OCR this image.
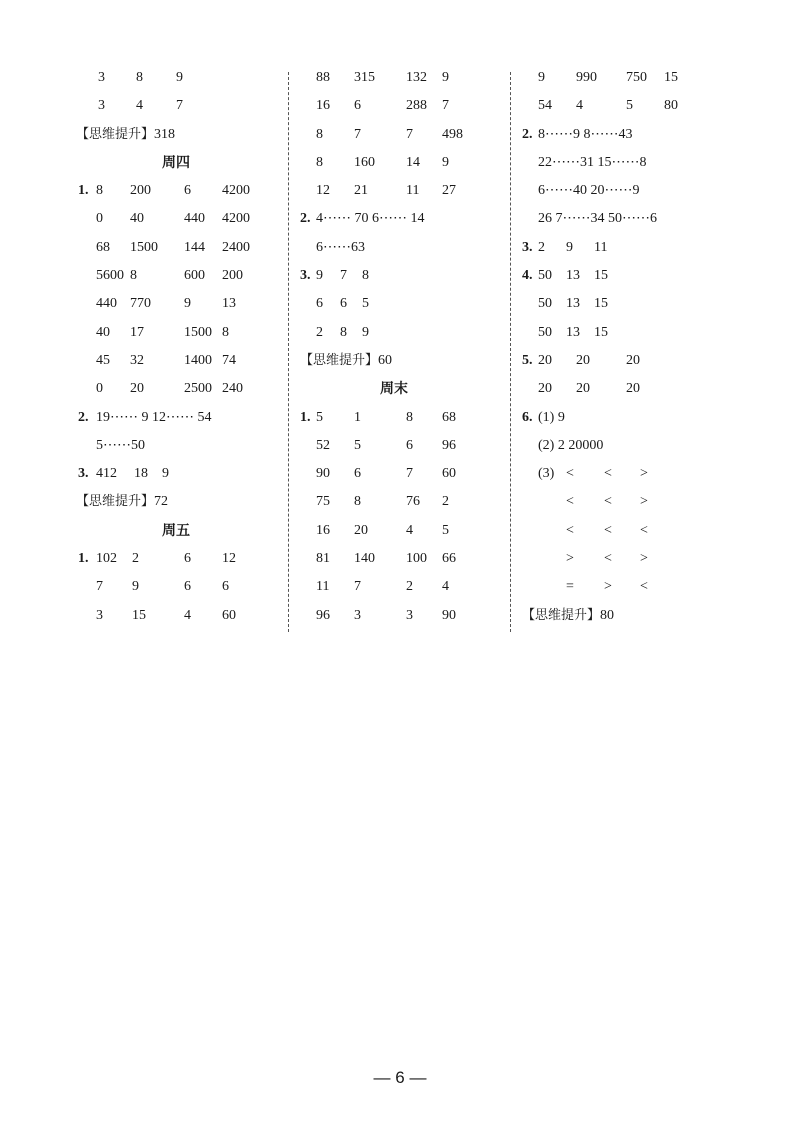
3 8 9
3 4 7
【思维提升】318
周四
1. 8 200 6 4200
0 40	440 4200
68 1500 144 2400
5600 8	600 200
440 770 9 13
40 17	1500 8
45 32	1400 74
0 20	2500 240
2. 19⋯⋯ 9 12⋯⋯ 54
5⋯⋯50
3. 412 18 9
【思维提升】72
周五
1. 102 2	6 12
7 9	6 6
3 15	4 60
88 315 132 9
16 6	288 7
8 7	7 498
8 160 14 9
12 21	11 27
2. 4⋯⋯ 70 6⋯⋯ 14
6⋯⋯63
3. 9 7 8
6 6 5
2 8 9
【思维提升】60
周末
1. 5 1	8 68
52 5	6 96
90 6	7 60
75 8	76 2
16 20	4 5
81 140 100 66
11 7	2 4
96 3	3 90
9 990 750 15
54 4	5 80
2. 8⋯⋯9 8⋯⋯43
22⋯⋯31 15⋯⋯8
6⋯⋯40 20⋯⋯9
26 7⋯⋯34 50⋯⋯6
3. 2 9 11
4. 50 13 15
50 13 15
50 13 15
5. 20 20	20
20 20	20
6. (1) 9
(2) 2 20000
(3) < < >
< < >
< < <
> < >
= > <
【思维提升】80
— 6 —
